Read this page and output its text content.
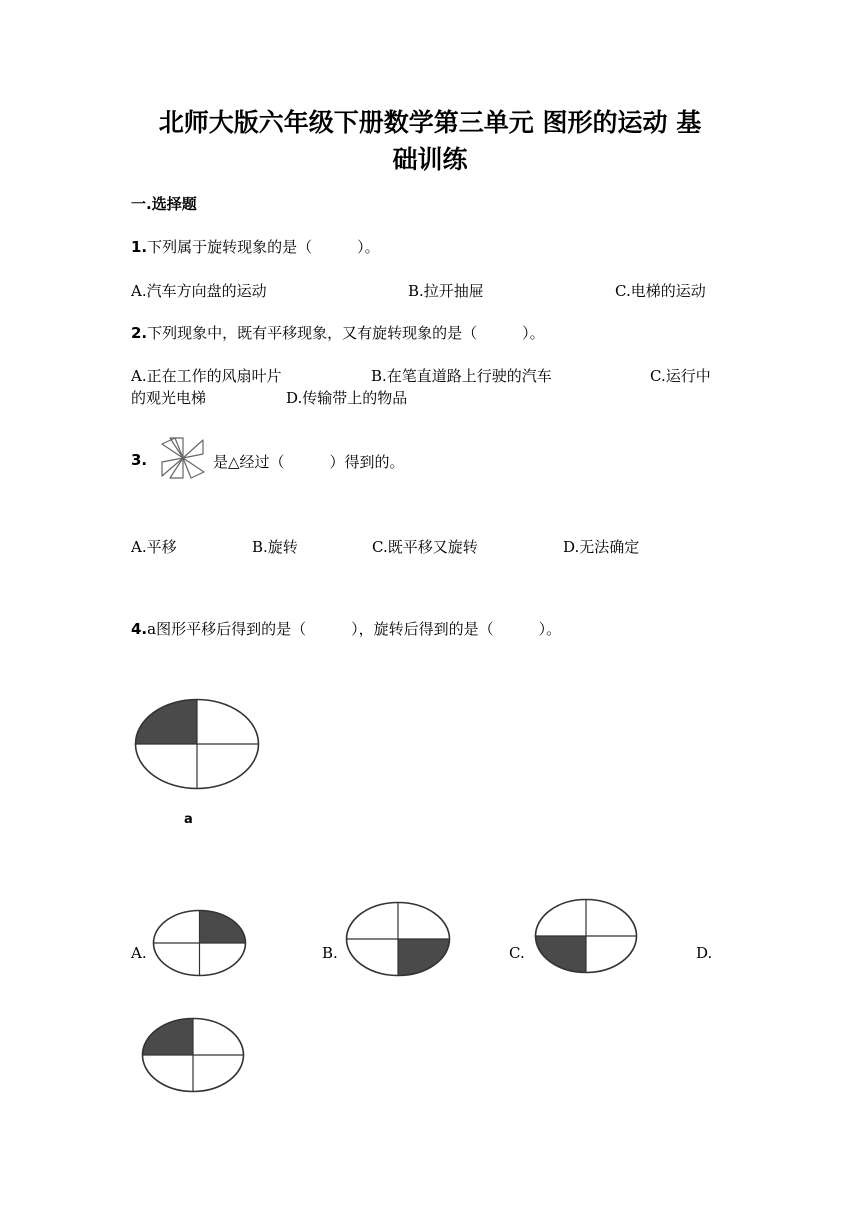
北师大版六年级下册数学第三单元 图形的运动 基
础训练
一.选择题
1.下列属于旋转现象的是（　　　）。
A.汽车方向盘的运动	B.拉开抽屉	C.电梯的运动
2.下列现象中，既有平移现象，又有旋转现象的是（　　　）。
A.正在工作的风扇叶片	B.在笔直道路上行驶的汽车	C.运行中
的观光电梯	D.传输带上的物品
3.	是△经过（　　　）得到的。
A.平移	B.旋转	C.既平移又旋转	D.无法确定
4.a图形平移后得到的是（　　　），旋转后得到的是（　　　）。
a
A.	B.	C.	D.
